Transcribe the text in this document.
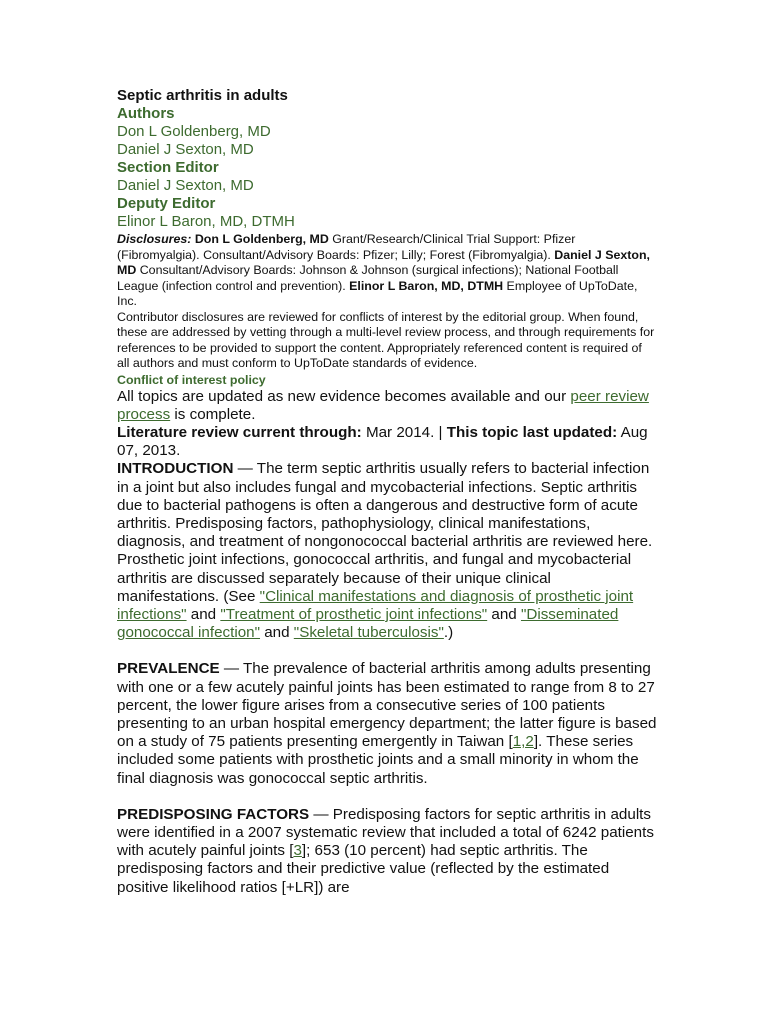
Septic arthritis in adults
Authors
Don L Goldenberg, MD
Daniel J Sexton, MD
Section Editor
Daniel J Sexton, MD
Deputy Editor
Elinor L Baron, MD, DTMH
Disclosures: Don L Goldenberg, MD Grant/Research/Clinical Trial Support: Pfizer (Fibromyalgia). Consultant/Advisory Boards: Pfizer; Lilly; Forest (Fibromyalgia). Daniel J Sexton, MD Consultant/Advisory Boards: Johnson & Johnson (surgical infections); National Football League (infection control and prevention). Elinor L Baron, MD, DTMH Employee of UpToDate, Inc.
Contributor disclosures are reviewed for conflicts of interest by the editorial group. When found, these are addressed by vetting through a multi-level review process, and through requirements for references to be provided to support the content. Appropriately referenced content is required of all authors and must conform to UpToDate standards of evidence.
Conflict of interest policy
All topics are updated as new evidence becomes available and our peer review process is complete.
Literature review current through: Mar 2014. | This topic last updated: Aug 07, 2013.
INTRODUCTION — The term septic arthritis usually refers to bacterial infection in a joint but also includes fungal and mycobacterial infections. Septic arthritis due to bacterial pathogens is often a dangerous and destructive form of acute arthritis. Predisposing factors, pathophysiology, clinical manifestations, diagnosis, and treatment of nongonococcal bacterial arthritis are reviewed here. Prosthetic joint infections, gonococcal arthritis, and fungal and mycobacterial arthritis are discussed separately because of their unique clinical manifestations. (See "Clinical manifestations and diagnosis of prosthetic joint infections" and "Treatment of prosthetic joint infections" and "Disseminated gonococcal infection" and "Skeletal tuberculosis".)
PREVALENCE — The prevalence of bacterial arthritis among adults presenting with one or a few acutely painful joints has been estimated to range from 8 to 27 percent, the lower figure arises from a consecutive series of 100 patients presenting to an urban hospital emergency department; the latter figure is based on a study of 75 patients presenting emergently in Taiwan [1,2]. These series included some patients with prosthetic joints and a small minority in whom the final diagnosis was gonococcal septic arthritis.
PREDISPOSING FACTORS — Predisposing factors for septic arthritis in adults were identified in a 2007 systematic review that included a total of 6242 patients with acutely painful joints [3]; 653 (10 percent) had septic arthritis. The predisposing factors and their predictive value (reflected by the estimated positive likelihood ratios [+LR]) are
